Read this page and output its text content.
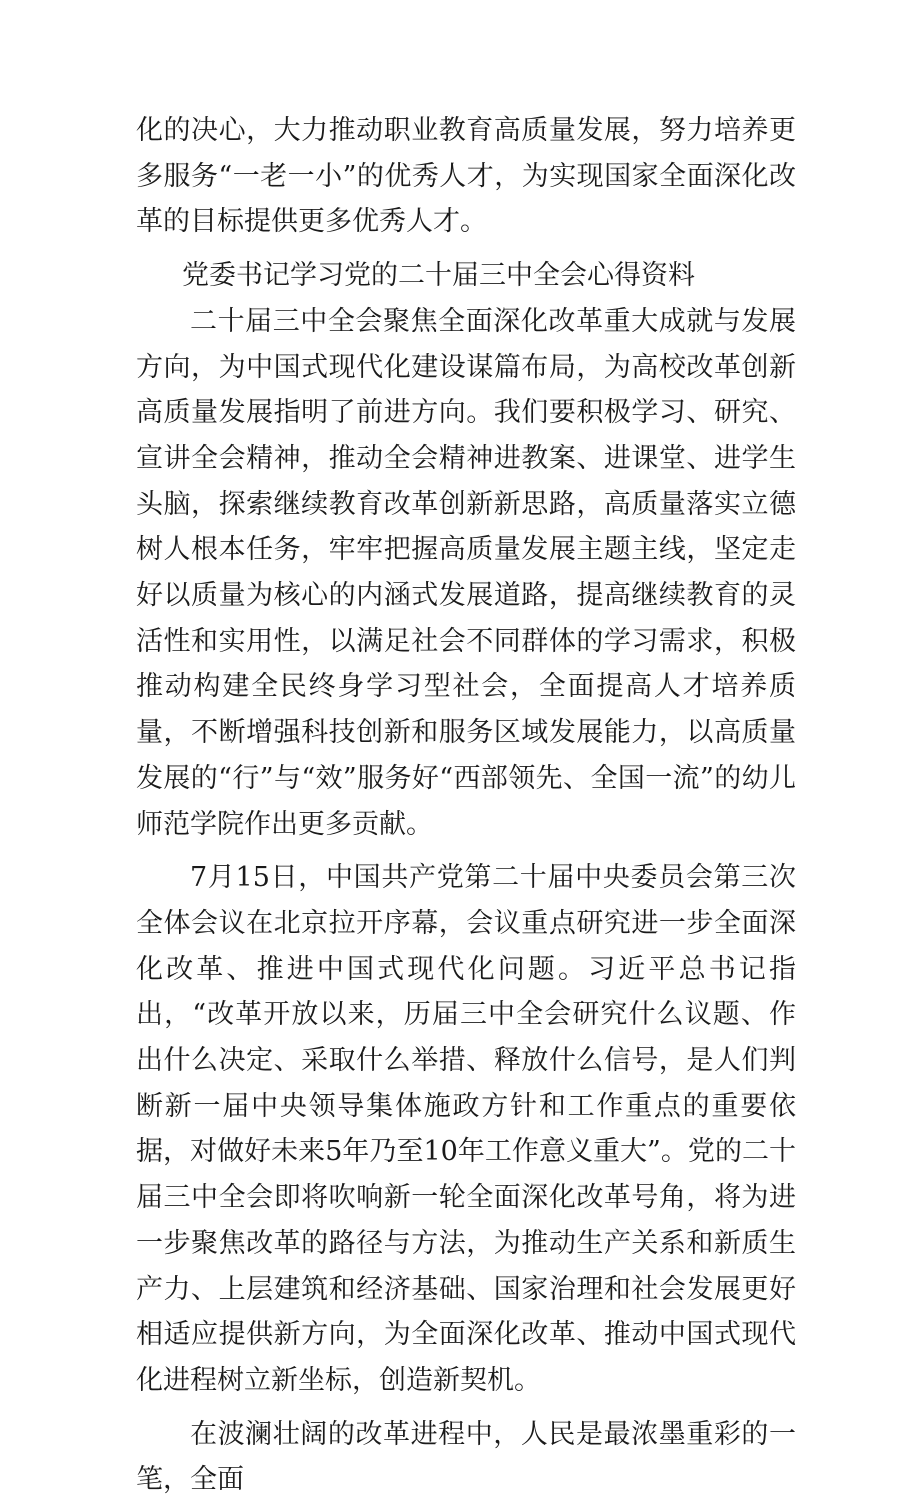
化的决心，大力推动职业教育高质量发展，努力培养更多服务“一老一小”的优秀人才，为实现国家全面深化改革的目标提供更多优秀人才。

党委书记学习党的二十届三中全会心得资料

二十届三中全会聚焦全面深化改革重大成就与发展方向，为中国式现代化建设谋篇布局，为高校改革创新高质量发展指明了前进方向。我们要积极学习、研究、宣讲全会精神，推动全会精神进教案、进课堂、进学生头脑，探索继续教育改革创新新思路，高质量落实立德树人根本任务，牢牢把握高质量发展主题主线，坚定走好以质量为核心的内涵式发展道路，提高继续教育的灵活性和实用性，以满足社会不同群体的学习需求，积极推动构建全民终身学习型社会，全面提高人才培养质量，不断增强科技创新和服务区域发展能力，以高质量发展的“行”与“效”服务好“西部领先、全国一流”的幼儿师范学院作出更多贡献。

7月15日，中国共产党第二十届中央委员会第三次全体会议在北京拉开序幕，会议重点研究进一步全面深化改革、推进中国式现代化问题。习近平总书记指出，“改革开放以来，历届三中全会研究什么议题、作出什么决定、采取什么举措、释放什么信号，是人们判断新一届中央领导集体施政方针和工作重点的重要依据，对做好未来5年乃至10年工作意义重大”。党的二十届三中全会即将吹响新一轮全面深化改革号角，将为进一步聚焦改革的路径与方法，为推动生产关系和新质生产力、上层建筑和经济基础、国家治理和社会发展更好相适应提供新方向，为全面深化改革、推动中国式现代化进程树立新坐标，创造新契机。

在波澜壮阔的改革进程中，人民是最浓墨重彩的一笔，全面
